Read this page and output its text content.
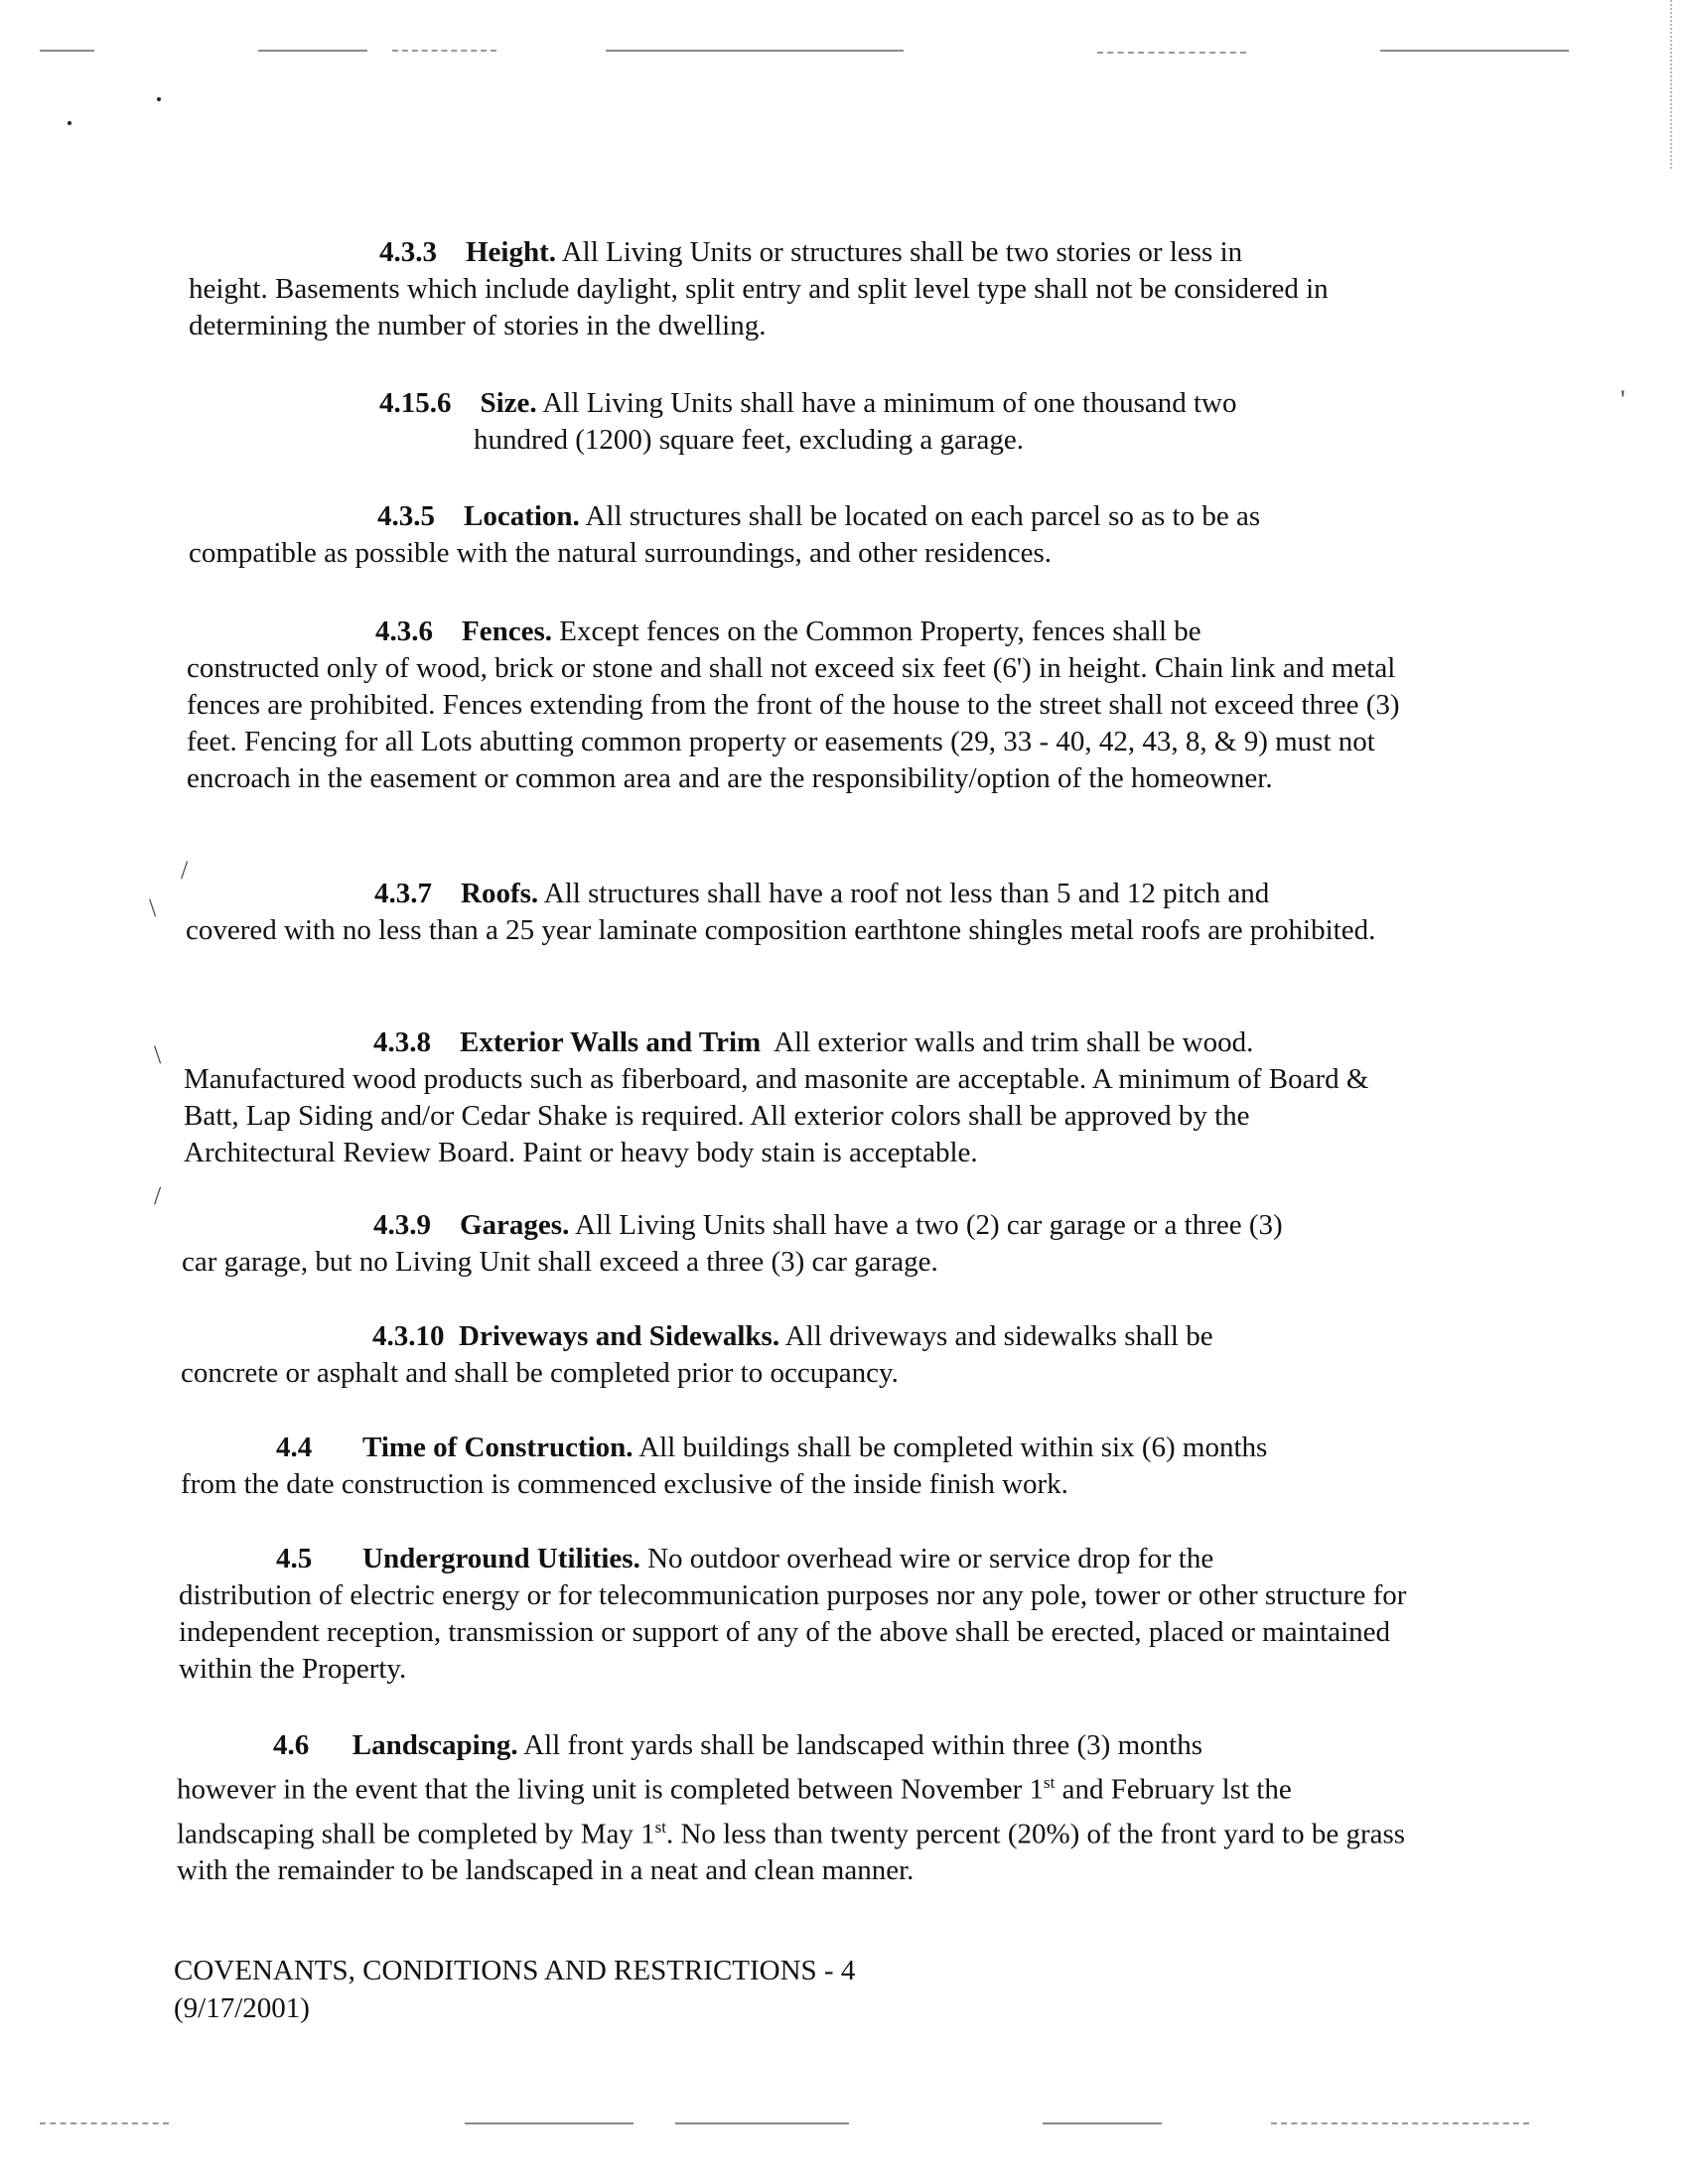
'
/
\
\
/
4.3.3 Height. All Living Units or structures shall be two stories or less in
height. Basements which include daylight, split entry and split level type shall not be considered in determining the number of stories in the dwelling.
4.15.6 Size. All Living Units shall have a minimum of one thousand two
hundred (1200) square feet, excluding a garage.
4.3.5 Location. All structures shall be located on each parcel so as to be as
compatible as possible with the natural surroundings, and other residences.
4.3.6 Fences. Except fences on the Common Property, fences shall be
constructed only of wood, brick or stone and shall not exceed six feet (6') in height. Chain link and metal fences are prohibited. Fences extending from the front of the house to the street shall not exceed three (3) feet. Fencing for all Lots abutting common property or easements (29, 33 - 40, 42, 43, 8, & 9) must not encroach in the easement or common area and are the responsibility/option of the homeowner.
4.3.7 Roofs. All structures shall have a roof not less than 5 and 12 pitch and
covered with no less than a 25 year laminate composition earthtone shingles metal roofs are prohibited.
4.3.8 Exterior Walls and Trim All exterior walls and trim shall be wood.
Manufactured wood products such as fiberboard, and masonite are acceptable. A minimum of Board & Batt, Lap Siding and/or Cedar Shake is required. All exterior colors shall be approved by the Architectural Review Board. Paint or heavy body stain is acceptable.
4.3.9 Garages. All Living Units shall have a two (2) car garage or a three (3)
car garage, but no Living Unit shall exceed a three (3) car garage.
4.3.10 Driveways and Sidewalks. All driveways and sidewalks shall be
concrete or asphalt and shall be completed prior to occupancy.
4.4 Time of Construction. All buildings shall be completed within six (6) months
from the date construction is commenced exclusive of the inside finish work.
4.5 Underground Utilities. No outdoor overhead wire or service drop for the
distribution of electric energy or for telecommunication purposes nor any pole, tower or other structure for independent reception, transmission or support of any of the above shall be erected, placed or maintained within the Property.
4.6 Landscaping. All front yards shall be landscaped within three (3) months
however in the event that the living unit is completed between November 1st and February lst the landscaping shall be completed by May 1st. No less than twenty percent (20%) of the front yard to be grass with the remainder to be landscaped in a neat and clean manner.
COVENANTS, CONDITIONS AND RESTRICTIONS - 4
(9/17/2001)
